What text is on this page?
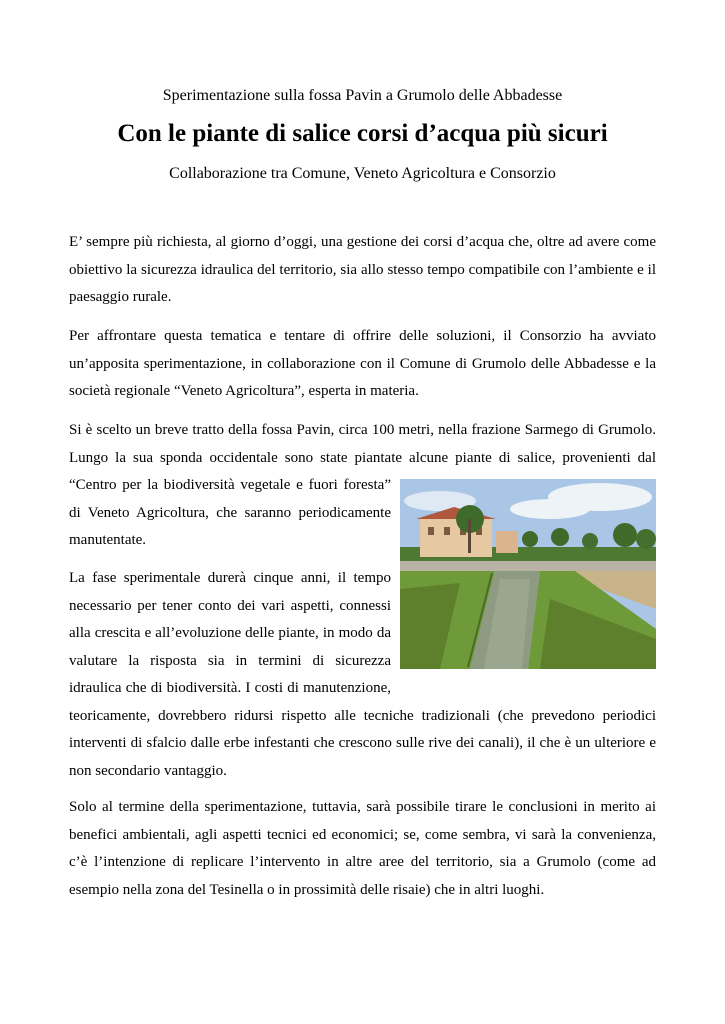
Sperimentazione sulla fossa Pavin a Grumolo delle Abbadesse
Con le piante di salice corsi d’acqua più sicuri
Collaborazione tra Comune, Veneto Agricoltura e Consorzio

E’ sempre più richiesta, al giorno d’oggi, una gestione dei corsi d’acqua che, oltre ad avere come obiettivo la sicurezza idraulica del territorio, sia allo stesso tempo compatibile con l’ambiente e il paesaggio rurale.

Per affrontare questa tematica e tentare di offrire delle soluzioni, il Consorzio ha avviato un’apposita sperimentazione, in collaborazione con il Comune di Grumolo delle Abbadesse e la società regionale “Veneto Agricoltura”, esperta in materia.

Si è scelto un breve tratto della fossa Pavin, circa 100 metri, nella frazione Sarmego di Grumolo. Lungo la sua sponda occidentale sono state piantate alcune piante di salice, provenienti dal “Centro per la biodiversità vegetale e fuori foresta” di Veneto Agricoltura, che saranno periodicamente manutentate.

La fase sperimentale durerà cinque anni, il tempo necessario per tener conto dei vari aspetti, connessi alla crescita e all’evoluzione delle piante, in modo da valutare la risposta sia in termini di sicurezza idraulica che di biodiversità. I costi di manutenzione, teoricamente, dovrebbero ridursi rispetto alle tecniche tradizionali (che prevedono periodici interventi di sfalcio dalle erbe infestanti che crescono sulle rive dei canali), il che è un ulteriore e non secondario vantaggio.

Solo al termine della sperimentazione, tuttavia, sarà possibile tirare le conclusioni in merito ai benefici ambientali, agli aspetti tecnici ed economici; se, come sembra, vi sarà la convenienza, c’è l’intenzione di replicare l’intervento in altre aree del territorio, sia a Grumolo (come ad esempio nella zona del Tesinella o in prossimità delle risaie) che in altri luoghi.
